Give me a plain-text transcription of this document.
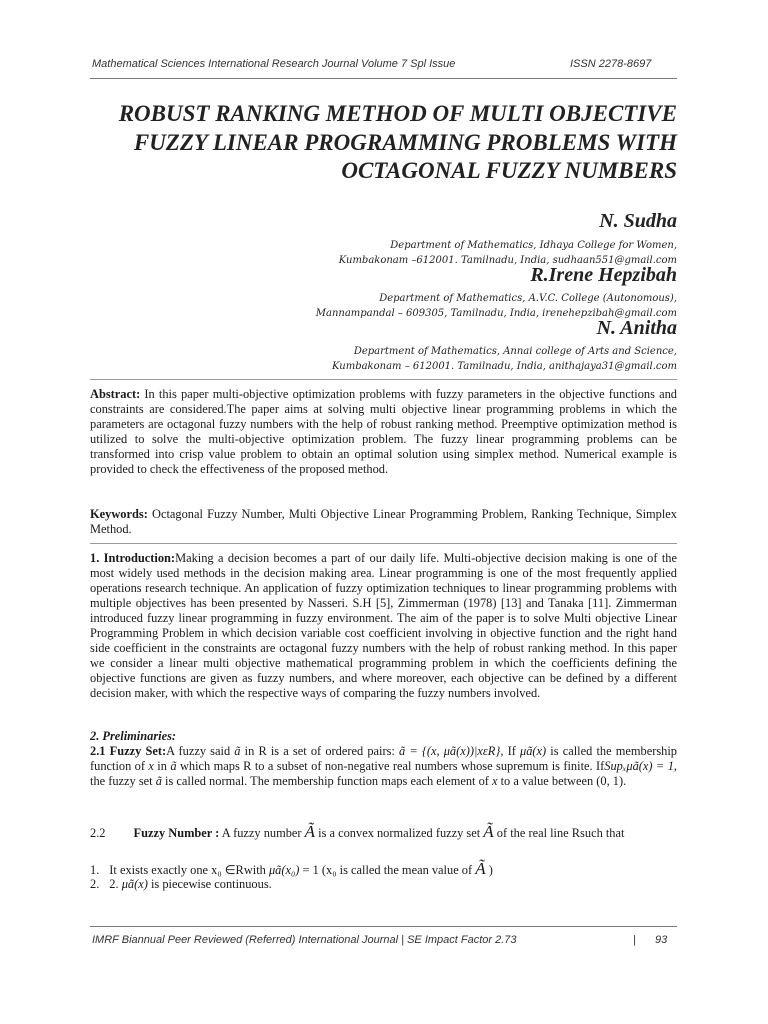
Mathematical Sciences International Research Journal Volume 7 Spl Issue	ISSN 2278-8697
ROBUST RANKING METHOD OF MULTI OBJECTIVE
FUZZY LINEAR PROGRAMMING PROBLEMS WITH
OCTAGONAL FUZZY NUMBERS
N. Sudha
Department of Mathematics, Idhaya College for Women,
Kumbakonam –612001. Tamilnadu, India, sudhaan551@gmail.com
R.Irene Hepzibah
Department of Mathematics, A.V.C. College (Autonomous),
Mannampandal – 609305, Tamilnadu, India, irenehepzibah@gmail.com
N. Anitha
Department of Mathematics, Annai college of Arts and Science,
Kumbakonam – 612001. Tamilnadu, India, anithajaya31@gmail.com

Abstract: In this paper multi-objective optimization problems with fuzzy parameters in the objective functions and constraints are considered.The paper aims at solving multi objective linear programming problems in which the parameters are octagonal fuzzy numbers with the help of robust ranking method. Preemptive optimization method is utilized to solve the multi-objective optimization problem. The fuzzy linear programming problems can be transformed into crisp value problem to obtain an optimal solution using simplex method. Numerical example is provided to check the effectiveness of the proposed method.

Keywords: Octagonal Fuzzy Number, Multi Objective Linear Programming Problem, Ranking Technique, Simplex Method.

1. Introduction:Making a decision becomes a part of our daily life. Multi-objective decision making is one of the most widely used methods in the decision making area. Linear programming is one of the most frequently applied operations research technique. An application of fuzzy optimization techniques to linear programming problems with multiple objectives has been presented by Nasseri. S.H [5], Zimmerman (1978) [13] and Tanaka [11]. Zimmerman introduced fuzzy linear programming in fuzzy environment. The aim of the paper is to solve Multi objective Linear Programming Problem in which decision variable cost coefficient involving in objective function and the right hand side coefficient in the constraints are octagonal fuzzy numbers with the help of robust ranking method. In this paper we consider a linear multi objective mathematical programming problem in which the coefficients defining the objective functions are given as fuzzy numbers, and where moreover, each objective can be defined by a different decision maker, with which the respective ways of comparing the fuzzy numbers involved.

2. Preliminaries:

2.1 Fuzzy Set:A fuzzy said ã in R is a set of ordered pairs: ã = {(x, μã(x))|xεR}, If μã(x) is called the membership function of x in ã which maps R to a subset of non-negative real numbers whose supremum is finite. IfSupₓμã(x) = 1, the fuzzy set ã is called normal. The membership function maps each element of x to a value between (0, 1).

2.2 Fuzzy Number : A fuzzy number Ã is a convex normalized fuzzy set Ã of the real line Rsuch that

1. It exists exactly one x₀ ∈Rwith μã(x₀) = 1 (x₀ is called the mean value of Ã )
2. 2. μã(x) is piecewise continuous.
IMRF Biannual Peer Reviewed (Referred) International Journal | SE Impact Factor 2.73	| 93
